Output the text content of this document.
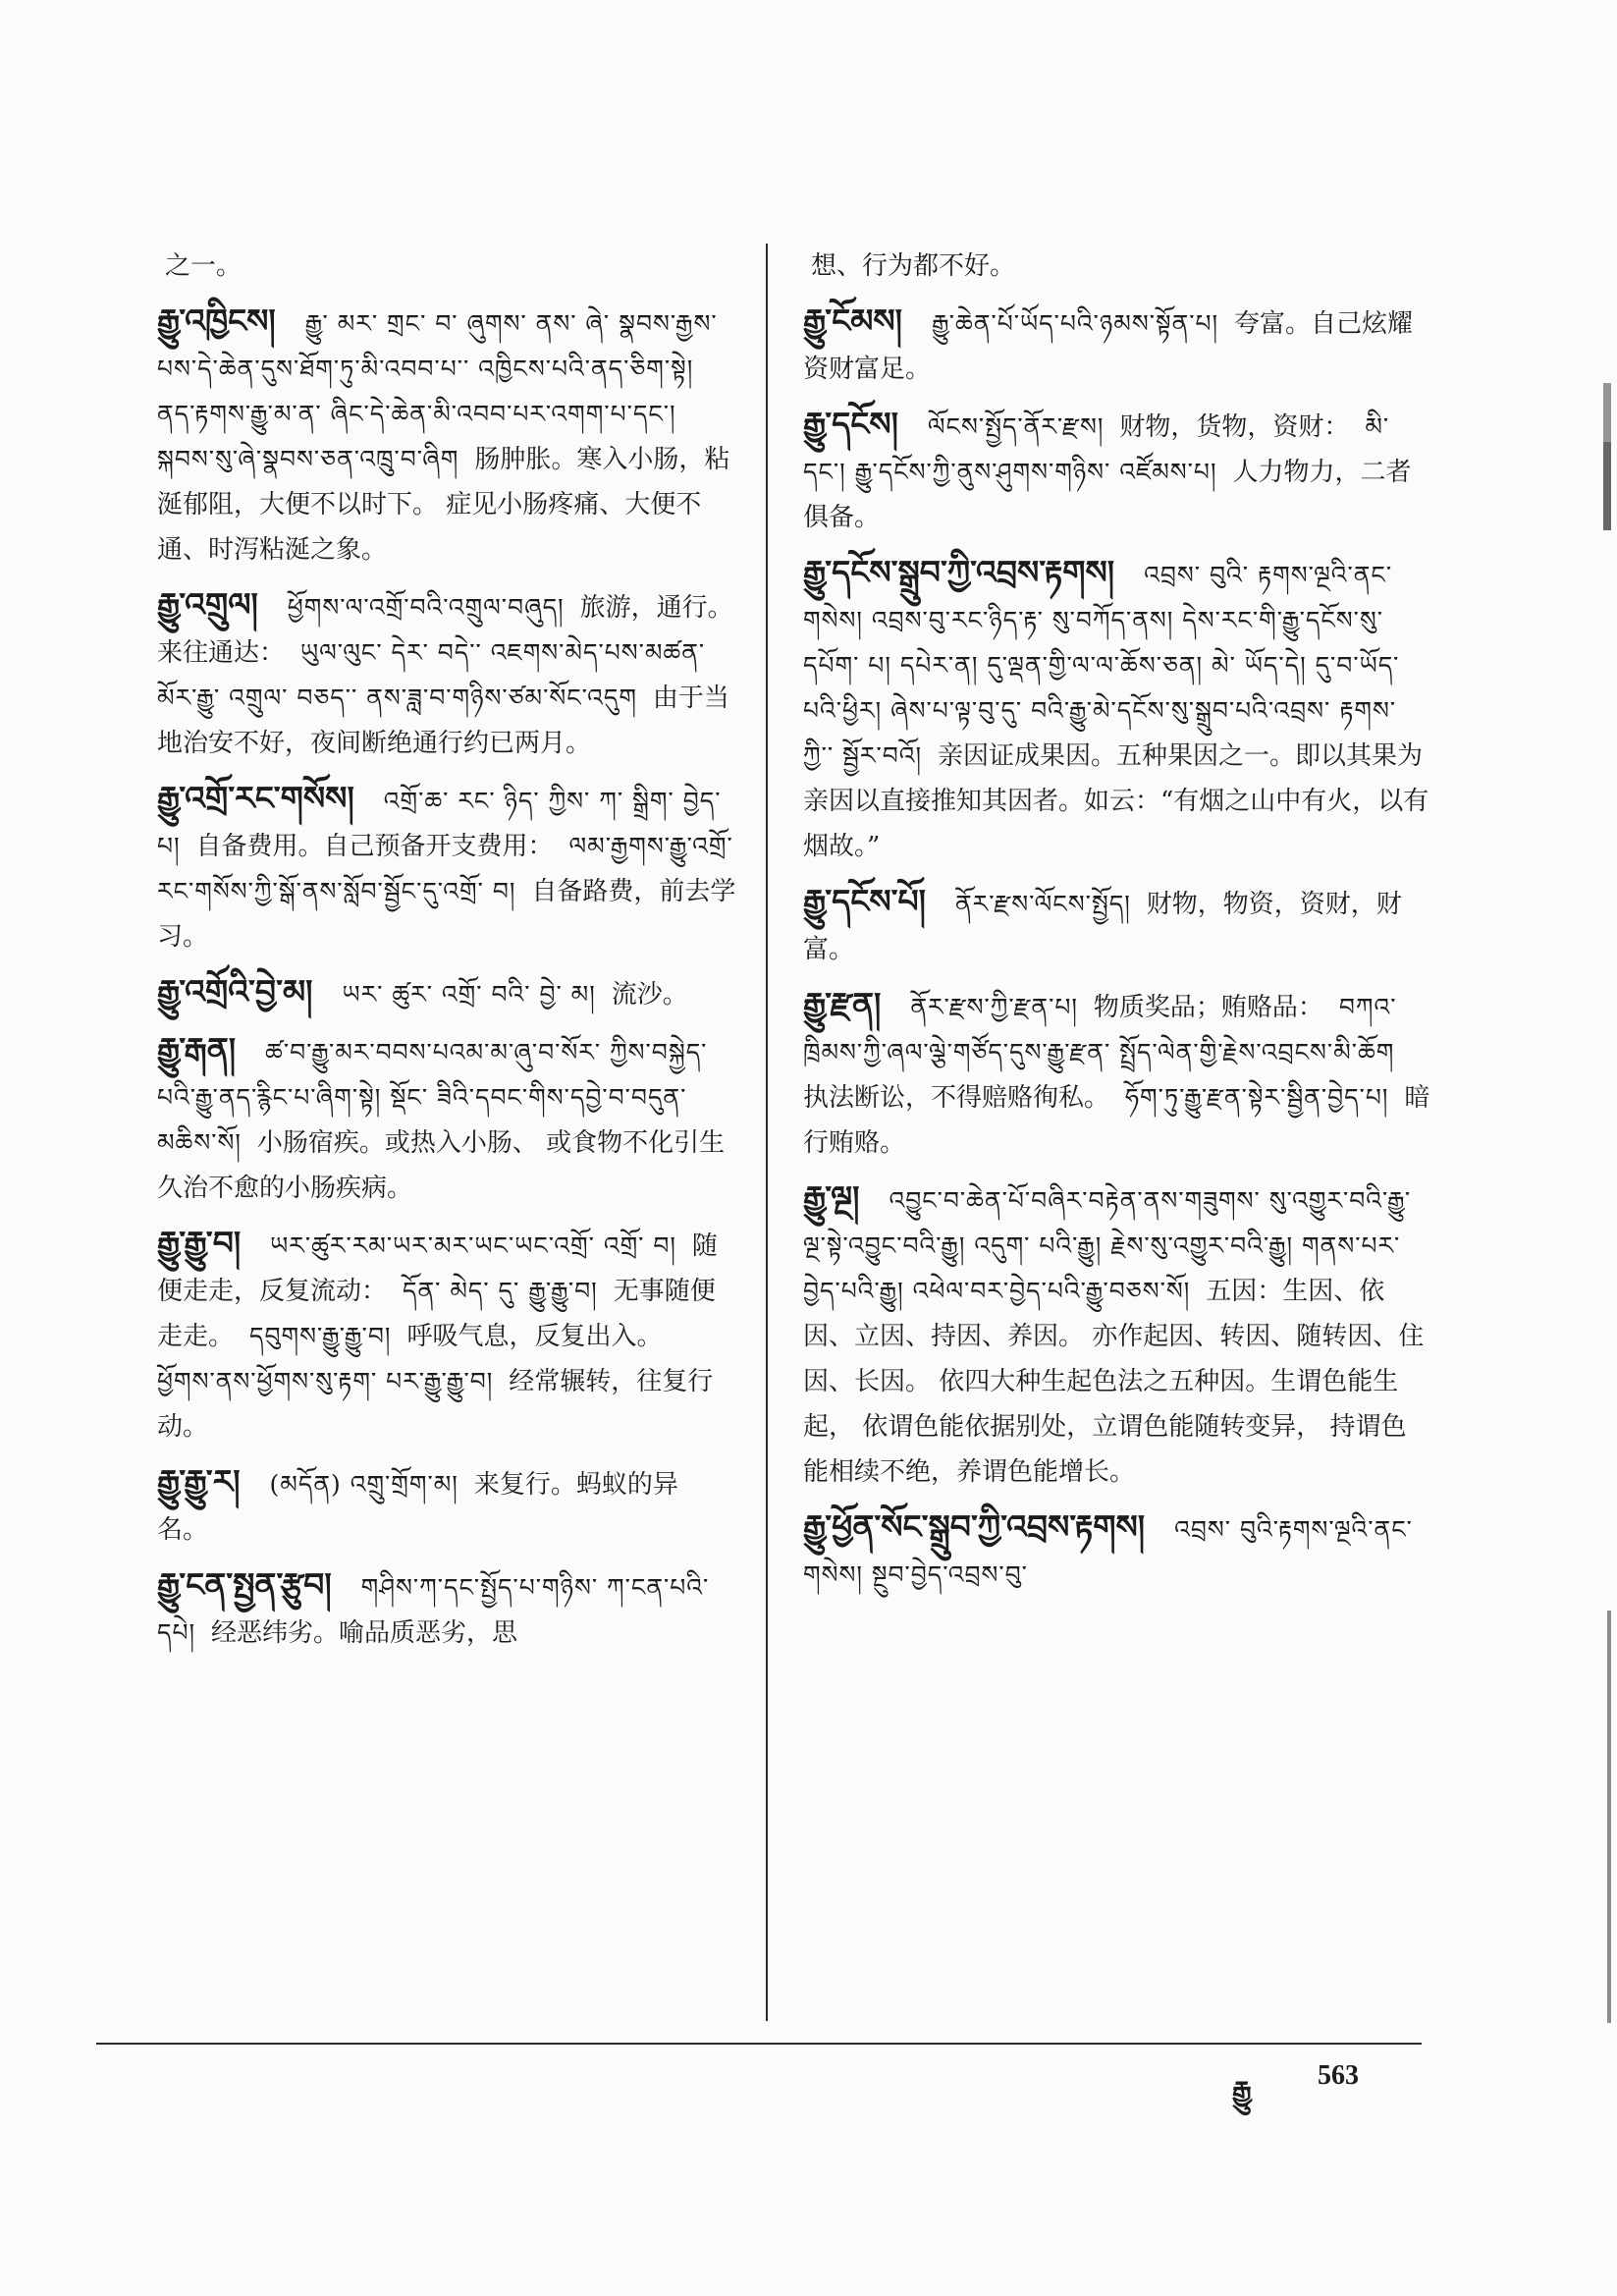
之一。
རྒྱུ་འཁྱིངས། རྒྱུ་ མར་ གྲང་ བ་ ཞུགས་ ནས་ ཞེ་ སྣབས་རྒྱས་པས་དེ་ཆེན་དུས་ཐོག་ཏུ་མི་འབབ་པ་་ འཁྱིངས་པའི་ནད་ཅིག་སྟེ། ནད་རྟགས་རྒྱུ་མ་ན་ ཞིང་དེ་ཆེན་མི་འབབ་པར་འགག་པ་དང་། སྐབས་སུ་ཞེ་སྣབས་ཅན་འཁྲུ་བ་ཞིག 肠肿胀。寒入小肠，粘涎郁阻，大便不以时下。 症见小肠疼痛、大便不通、时泻粘涎之象。
རྒྱུ་འགྲུལ། ཕྱོགས་ལ་འགྲོ་བའི་འགྲུལ་བཞུད། 旅游，通行。来往通达： ཡུལ་ལུང་ དེར་ བདེ་་ འཇགས་མེད་པས་མཚན་མོར་རྒྱུ་ འགྲུལ་ བཅད་་ ནས་ཟླ་བ་གཉིས་ཙམ་སོང་འདུག 由于当地治安不好，夜间断绝通行约已两月。
རྒྱུ་འགྲོ་རང་གསོས། འགྲོ་ཆ་ རང་ ཉིད་ ཀྱིས་ ཀ་ སྒྲིག་ བྱེད་ པ། 自备费用。自己预备开支费用： ལམ་རྒྱགས་རྒྱུ་འགྲོ་རང་གསོས་ཀྱི་སྒོ་ནས་སློབ་སྦྱོང་དུ་འགྲོ་ བ། 自备路费，前去学习。
རྒྱུ་འགྲོའི་བྱེ་མ། ཡར་ ཚུར་ འགྲོ་ བའི་ བྱེ་ མ། 流沙。
རྒྱུ་རྒན། ཚ་བ་རྒྱུ་མར་བབས་པའམ་མ་ཞུ་བ་སོར་ ཀྱིས་བསྐྱེད་པའི་རྒྱུ་ནད་རྙིང་པ་ཞིག་སྟེ། སྡོང་ ཟིའི་དབང་གིས་དབྱེ་བ་བདུན་མཆིས་སོ། 小肠宿疾。或热入小肠、 或食物不化引生久治不愈的小肠疾病。
རྒྱུ་རྒྱུ་བ། ཡར་ཚུར་རམ་ཡར་མར་ཡང་ཡང་འགྲོ་ འགྲོ་ བ། 随便走走，反复流动： དོན་ མེད་ དུ་ རྒྱུ་རྒྱུ་བ། 无事随便走走。 དབུགས་རྒྱུ་རྒྱུ་བ། 呼吸气息，反复出入。 ཕྱོགས་ནས་ཕྱོགས་སུ་རྟག་ པར་རྒྱུ་རྒྱུ་བ། 经常辗转，往复行动。
རྒྱུ་རྒྱུ་ར། (མདོན) འགྲུ་གྲོག་མ། 来复行。蚂蚁的异名。
རྒྱུ་ངན་སྤྱན་རྩུབ། གཤིས་ཀ་དང་སྤྱོད་པ་གཉིས་ ཀ་ངན་པའི་དཔེ། 经恶纬劣。喻品质恶劣，思
想、行为都不好。
རྒྱུ་ངོམས། རྒྱུ་ཆེན་པོ་ཡོད་པའི་ཉམས་སྟོན་པ། 夸富。自己炫耀资财富足。
རྒྱུ་དངོས། ལོངས་སྤྱོད་ནོར་རྫས། 财物，货物，资财： མི་དང་། རྒྱུ་དངོས་ཀྱི་ནུས་ཤུགས་གཉིས་ འཛོམས་པ། 人力物力，二者俱备。
རྒྱུ་དངོས་སྒྲུབ་ཀྱི་འབྲས་རྟགས། འབྲས་ བུའི་ རྟགས་ལྔའི་ནང་གསེས། འབྲས་བུ་རང་ཉིད་རྟ་ སུ་བཀོད་ནས། དེས་རང་གི་རྒྱུ་དངོས་སུ་དཔོག་ པ། དཔེར་ན། དུ་ལྡན་གྱི་ལ་ལ་ཆོས་ཅན། མེ་ ཡོད་དེ། དུ་བ་ཡོད་པའི་ཕྱིར། ཞེས་པ་ལྟ་བུ་དུ་ བའི་རྒྱུ་མེ་དངོས་སུ་སྒྲུབ་པའི་འབྲས་ རྟགས་ ཀྱི་་ སྦྱོར་བའོ། 亲因证成果因。五种果因之一。即以其果为亲因以直接推知其因者。如云：“有烟之山中有火，以有烟故。”
རྒྱུ་དངོས་པོ། ནོར་རྫས་ལོངས་སྤྱོད། 财物，物资，资财，财富。
རྒྱུ་རྫན། ནོར་རྫས་ཀྱི་རྫན་པ། 物质奖品；贿赂品： བཀའ་ཁྲིམས་ཀྱི་ཞལ་ལྕེ་གཙོད་དུས་རྒྱུ་རྫན་ སྤྲོད་ལེན་གྱི་རྗེས་འབྲངས་མི་ཆོག 执法断讼，不得赔赂徇私。 ཧོག་ཏུ་རྒྱུ་རྫན་སྟེར་སྦྱིན་བྱེད་པ། 暗行贿赂。
རྒྱུ་ལྔ། འབྱུང་བ་ཆེན་པོ་བཞིར་བརྟེན་ནས་གཟུགས་ སུ་འགྱུར་བའི་རྒྱུ་ལྔ་སྟེ་འབྱུང་བའི་རྒྱུ། འདུག་ པའི་རྒྱུ། རྗེས་སུ་འགྱུར་བའི་རྒྱུ། གནས་པར་ བྱེད་པའི་རྒྱུ། འཕེལ་བར་བྱེད་པའི་རྒྱུ་བཅས་སོ། 五因：生因、依因、立因、持因、养因。 亦作起因、转因、随转因、住因、长因。 依四大种生起色法之五种因。生谓色能生起， 依谓色能依据别处，立谓色能随转变异， 持谓色能相续不绝，养谓色能增长。
རྒྱུ་ཕྱོན་སོང་སྒྲུབ་ཀྱི་འབྲས་རྟགས། འབྲས་ བུའི་རྟགས་ལྔའི་ནང་གསེས། སྔུབ་བྱེད་འབྲས་བུ་
རྒྱུ 563
